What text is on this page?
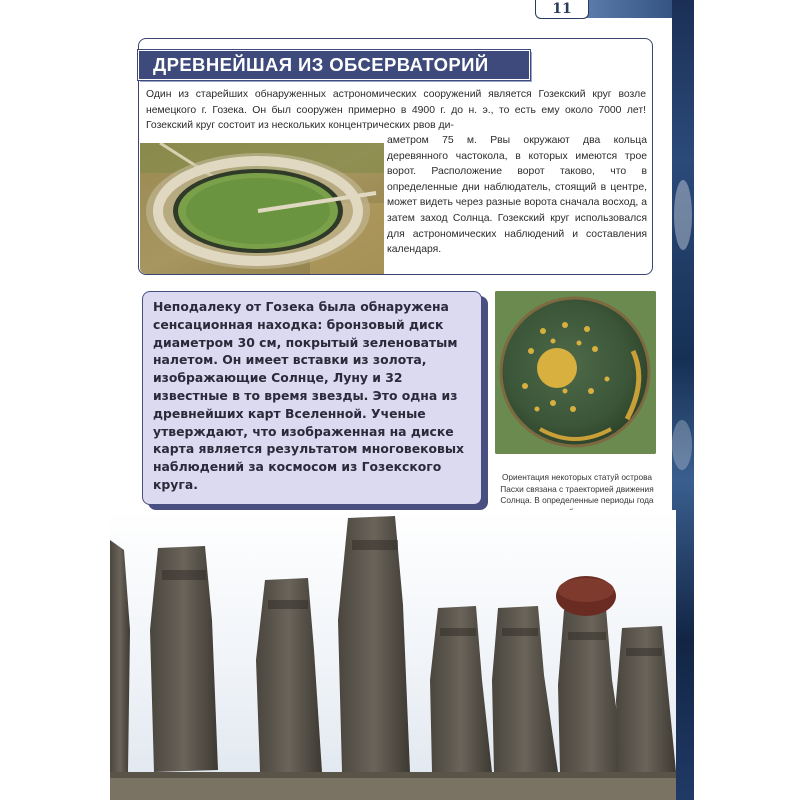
11
ДРЕВНЕЙШАЯ ИЗ ОБСЕРВАТОРИЙ

Один из старейших обнаруженных астрономических сооружений является Гозекский круг возле немецкого г. Гозека. Он был сооружен примерно в 4900 г. до н. э., то есть ему около 7000 лет! Гозекский круг состоит из нескольких концентрических рвов ди-

аметром 75 м. Рвы окружают два кольца деревянного частокола, в которых имеются трое ворот. Расположение ворот таково, что в определенные дни наблюдатель, стоящий в центре, может видеть через разные ворота сначала восход, а затем заход Солнца. Гозекский круг использовался для астрономических наблюдений и составления календаря.

Неподалеку от Гозека была обнаружена сенсационная находка: бронзовый диск диаметром 30 см, покрытый зеленоватым налетом. Он имеет вставки из золота, изображающие Солнце, Луну и 32 известные в то время звезды. Это одна из древнейших карт Вселенной. Ученые утверждают, что изображенная на диске карта является результатом многовековых наблюдений за космосом из Гозекского круга.	Ориентация некоторых статуй острова Пасхи связана с траекторией движения Солнца. В определенные периоды года
